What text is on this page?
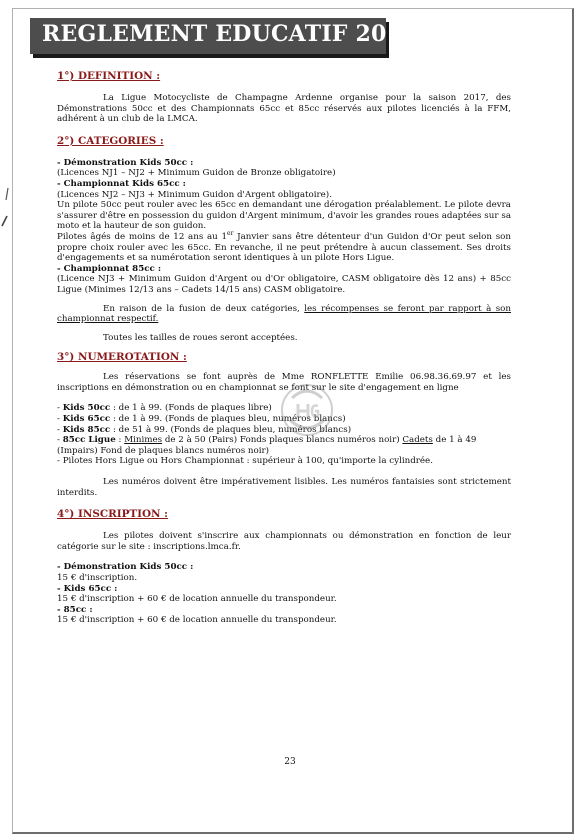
REGLEMENT EDUCATIF 2017

1°) DEFINITION :

La Ligue Motocycliste de Champagne Ardenne organise pour la saison 2017, des Démonstrations 50cc et des Championnats 65cc et 85cc réservés aux pilotes licenciés à la FFM, adhérent à un club de la LMCA.

2°) CATEGORIES :

- Démonstration Kids 50cc :

(Licences NJ1 – NJ2 + Minimum Guidon de Bronze obligatoire)

- Championnat Kids 65cc :

(Licences NJ2 – NJ3 + Minimum Guidon d'Argent obligatoire).

Un pilote 50cc peut rouler avec les 65cc en demandant une dérogation préalablement. Le pilote devra s'assurer d'être en possession du guidon d'Argent minimum, d'avoir les grandes roues adaptées sur sa moto et la hauteur de son guidon.

Pilotes âgés de moins de 12 ans au 1er Janvier sans être détenteur d'un Guidon d'Or peut selon son propre choix rouler avec les 65cc. En revanche, il ne peut prétendre à aucun classement. Ses droits d'engagements et sa numérotation seront identiques à un pilote Hors Ligue.

- Championnat 85cc :

(Licence NJ3 + Minimum Guidon d'Argent ou d'Or obligatoire, CASM obligatoire dès 12 ans) + 85cc Ligue (Minimes 12/13 ans – Cadets 14/15 ans) CASM obligatoire.

En raison de la fusion de deux catégories, les récompenses se feront par rapport à son championnat respectif.

Toutes les tailles de roues seront acceptées.

3°) NUMEROTATION :

Les réservations se font auprès de Mme RONFLETTE Emilie 06.98.36.69.97 et les inscriptions en démonstration ou en championnat se font sur le site d'engagement en ligne

- Kids 50cc : de 1 à 99. (Fonds de plaques libre)

- Kids 65cc : de 1 à 99. (Fonds de plaques bleu, numéros blancs)

- Kids 85cc : de 51 à 99. (Fonds de plaques bleu, numéros blancs)

- 85cc Ligue : Minimes de 2 à 50 (Pairs) Fonds plaques blancs numéros noir) Cadets de 1 à 49 (Impairs) Fond de plaques blancs numéros noir)

- Pilotes Hors Ligue ou Hors Championnat : supérieur à 100, qu'importe la cylindrée.

Les numéros doivent être impérativement lisibles. Les numéros fantaisies sont strictement interdits.

4°) INSCRIPTION :

Les pilotes doivent s'inscrire aux championnats ou démonstration en fonction de leur catégorie sur le site : inscriptions.lmca.fr.

- Démonstration Kids 50cc :

15 € d'inscription.

- Kids 65cc :

15 € d'inscription + 60 € de location annuelle du transpondeur.

- 85cc :

15 € d'inscription + 60 € de location annuelle du transpondeur.

23
